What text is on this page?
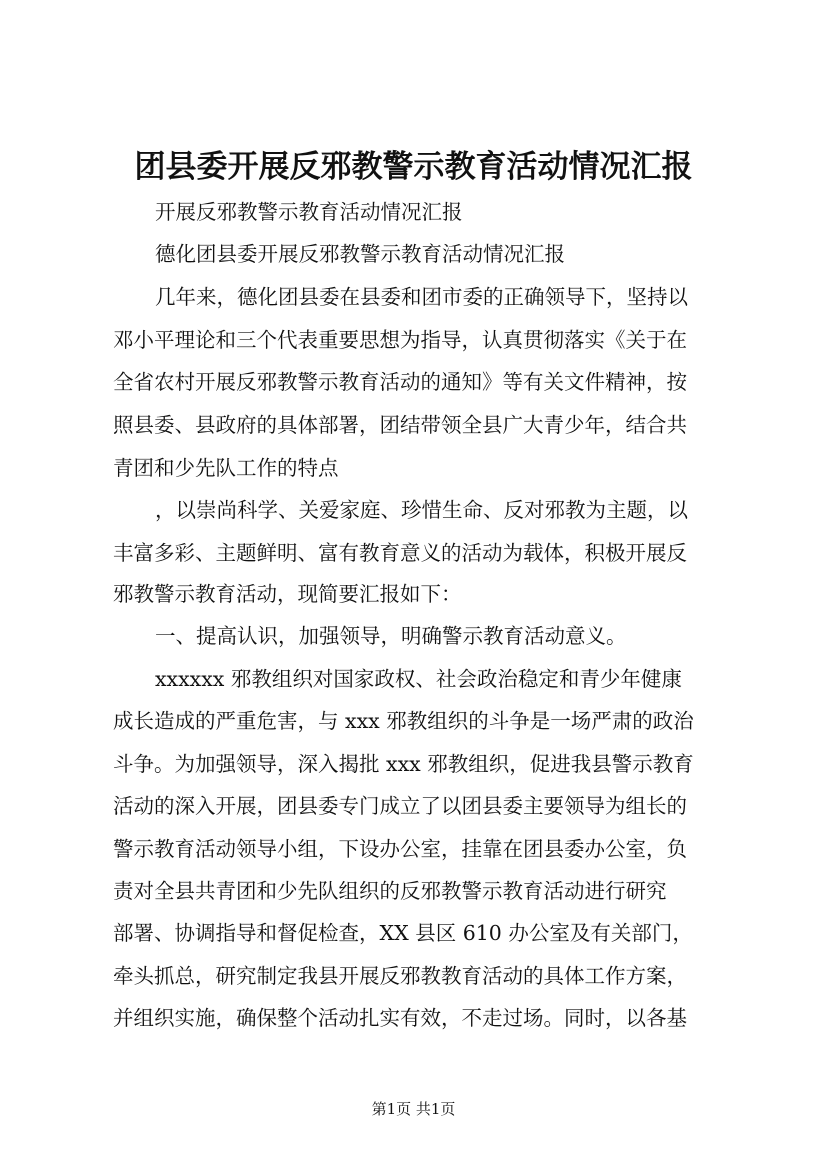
团县委开展反邪教警示教育活动情况汇报
开展反邪教警示教育活动情况汇报
德化团县委开展反邪教警示教育活动情况汇报
几年来，德化团县委在县委和团市委的正确领导下，坚持以
邓小平理论和三个代表重要思想为指导，认真贯彻落实《关于在
全省农村开展反邪教警示教育活动的通知》等有关文件精神，按
照县委、县政府的具体部署，团结带领全县广大青少年，结合共
青团和少先队工作的特点
，以崇尚科学、关爱家庭、珍惜生命、反对邪教为主题，以
丰富多彩、主题鲜明、富有教育意义的活动为载体，积极开展反
邪教警示教育活动，现简要汇报如下：
一、提高认识，加强领导，明确警示教育活动意义。
xxxxxx 邪教组织对国家政权、社会政治稳定和青少年健康
成长造成的严重危害，与 xxx 邪教组织的斗争是一场严肃的政治
斗争。为加强领导，深入揭批 xxx 邪教组织，促进我县警示教育
活动的深入开展，团县委专门成立了以团县委主要领导为组长的
警示教育活动领导小组，下设办公室，挂靠在团县委办公室，负
责对全县共青团和少先队组织的反邪教警示教育活动进行研究
部署、协调指导和督促检查，XX 县区 610 办公室及有关部门，
牵头抓总，研究制定我县开展反邪教教育活动的具体工作方案，
并组织实施，确保整个活动扎实有效，不走过场。同时，以各基
第1页 共1页
